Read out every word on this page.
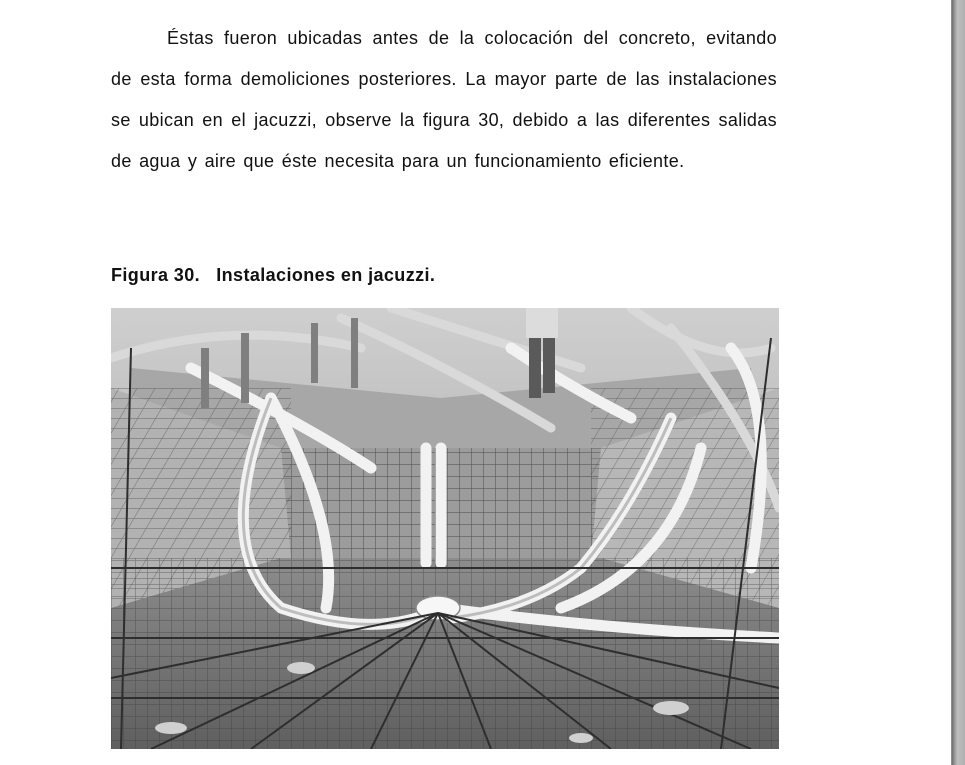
Éstas fueron ubicadas antes de la colocación del concreto, evitando de esta forma demoliciones posteriores. La mayor parte de las instalaciones se ubican en el jacuzzi, observe la figura 30, debido a las diferentes salidas de agua y aire que éste necesita para un funcionamiento eficiente.

Figura 30. Instalaciones en jacuzzi.
